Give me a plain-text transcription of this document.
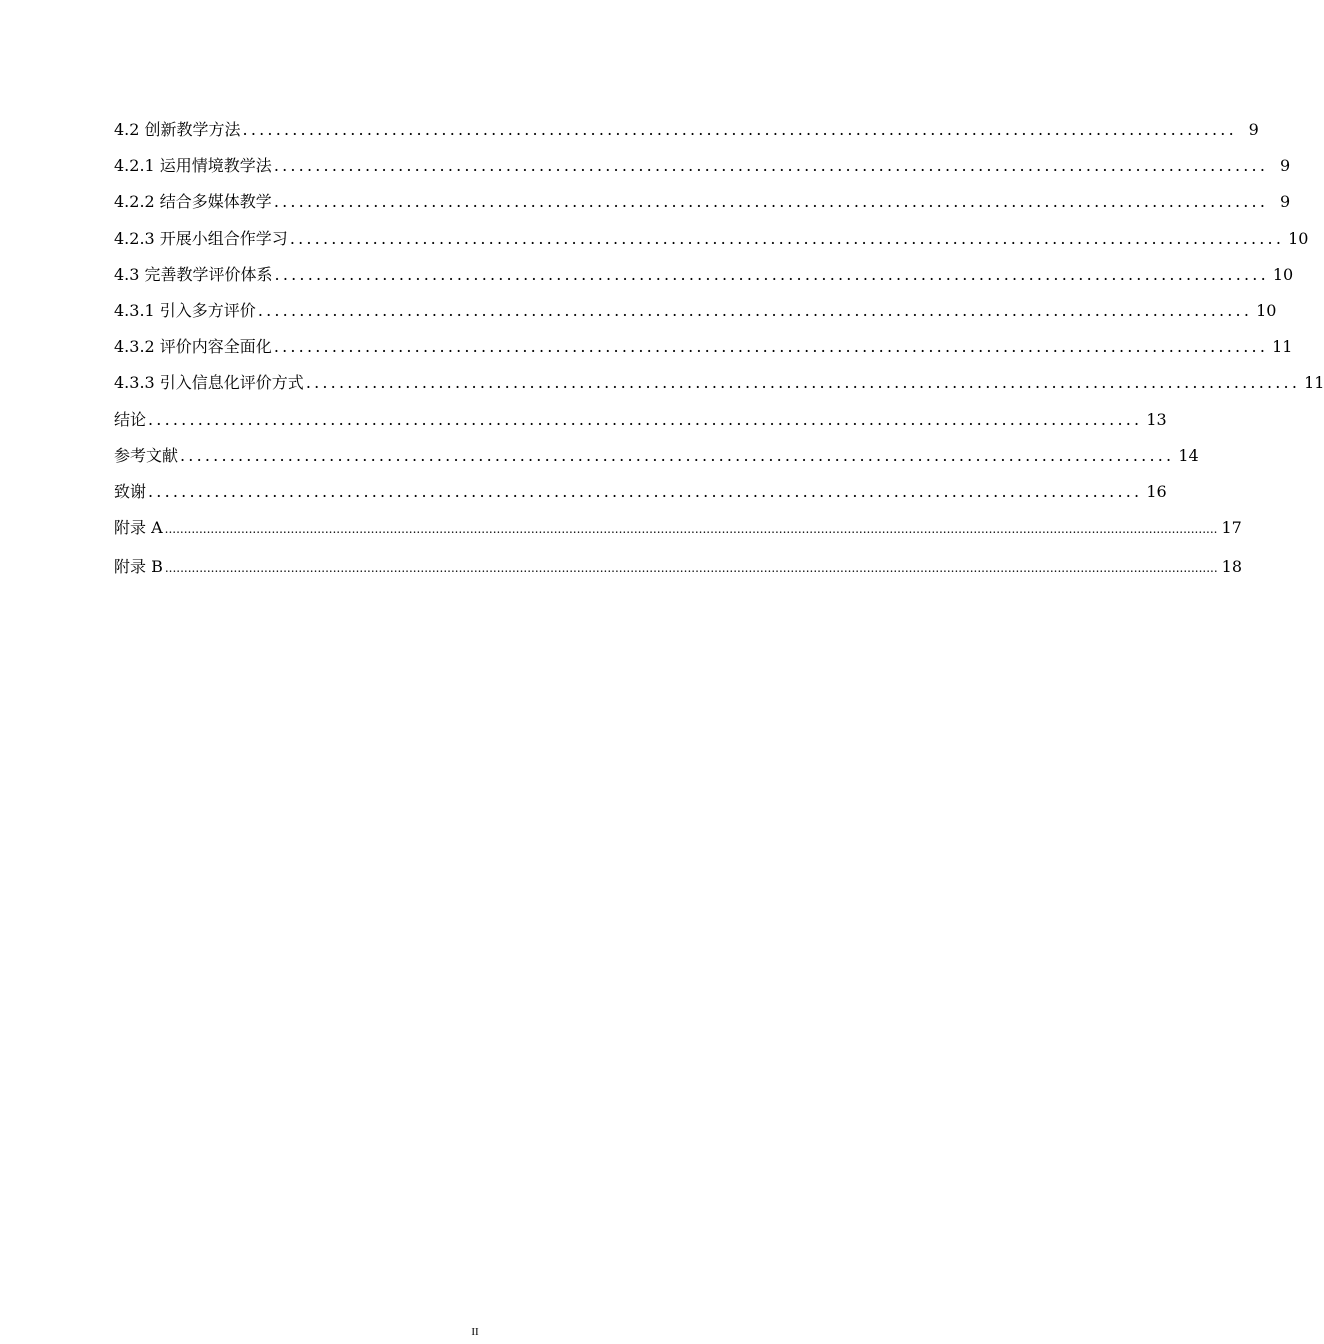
4.2 创新教学方法 ........................................................................................................................ 9
4.2.1 运用情境教学法 ........................................................................................................................ 9
4.2.2 结合多媒体教学 ........................................................................................................................ 9
4.2.3 开展小组合作学习 ........................................................................................................................ 10
4.3 完善教学评价体系 ........................................................................................................................ 10
4.3.1 引入多方评价 ........................................................................................................................ 10
4.3.2 评价内容全面化 ........................................................................................................................ 11
4.3.3 引入信息化评价方式 ........................................................................................................................ 11
结论 ........................................................................................................................ 13
参考文献 ........................................................................................................................ 14
致谢 ........................................................................................................................ 16
附录 A .................................................................................................................................................................................................................................................................................... 17
附录 B .................................................................................................................................................................................................................................................................................... 18
II
